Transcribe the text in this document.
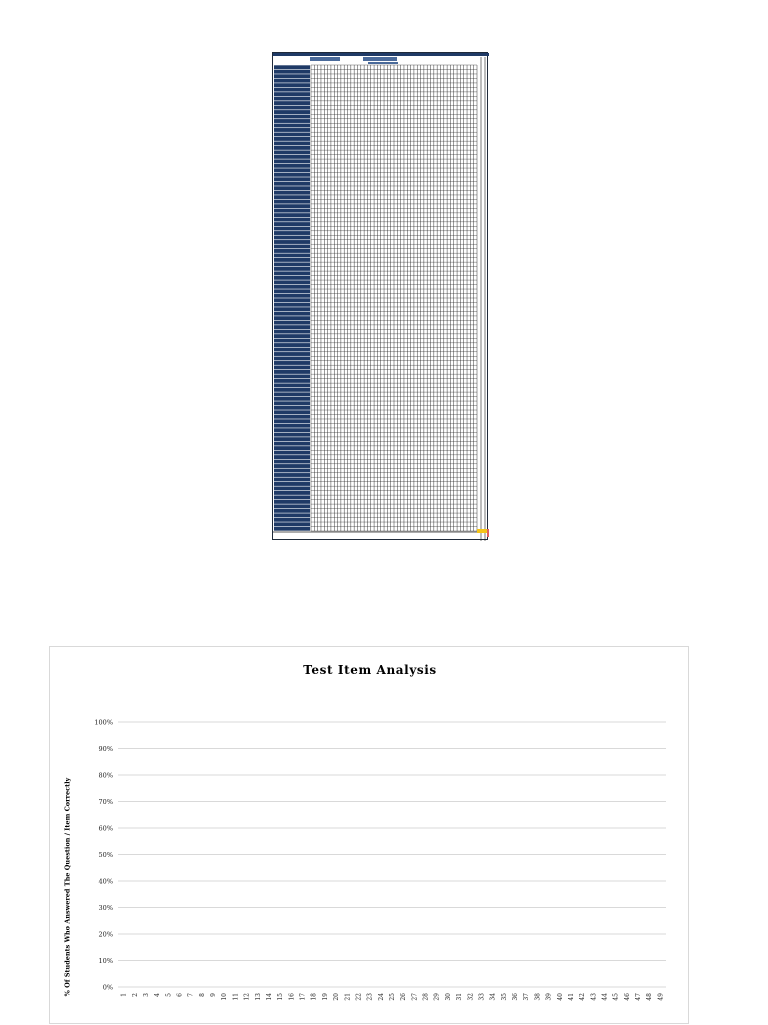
Test Item Analysis
% Of Students Who Answered The Question / Item Correctly	0%
10%
20%
30%
40%
50%
60%
70%
80%
90%
100%
1 2 3 4 5 6 7 8 9 10 11 12 13 14 15 16 17 18 19 20 21 22 23 24 25 26 27 28 29 30 31 32 33 34 35 36 37 38 39 40 41 42 43 44 45 46 47 48 49
